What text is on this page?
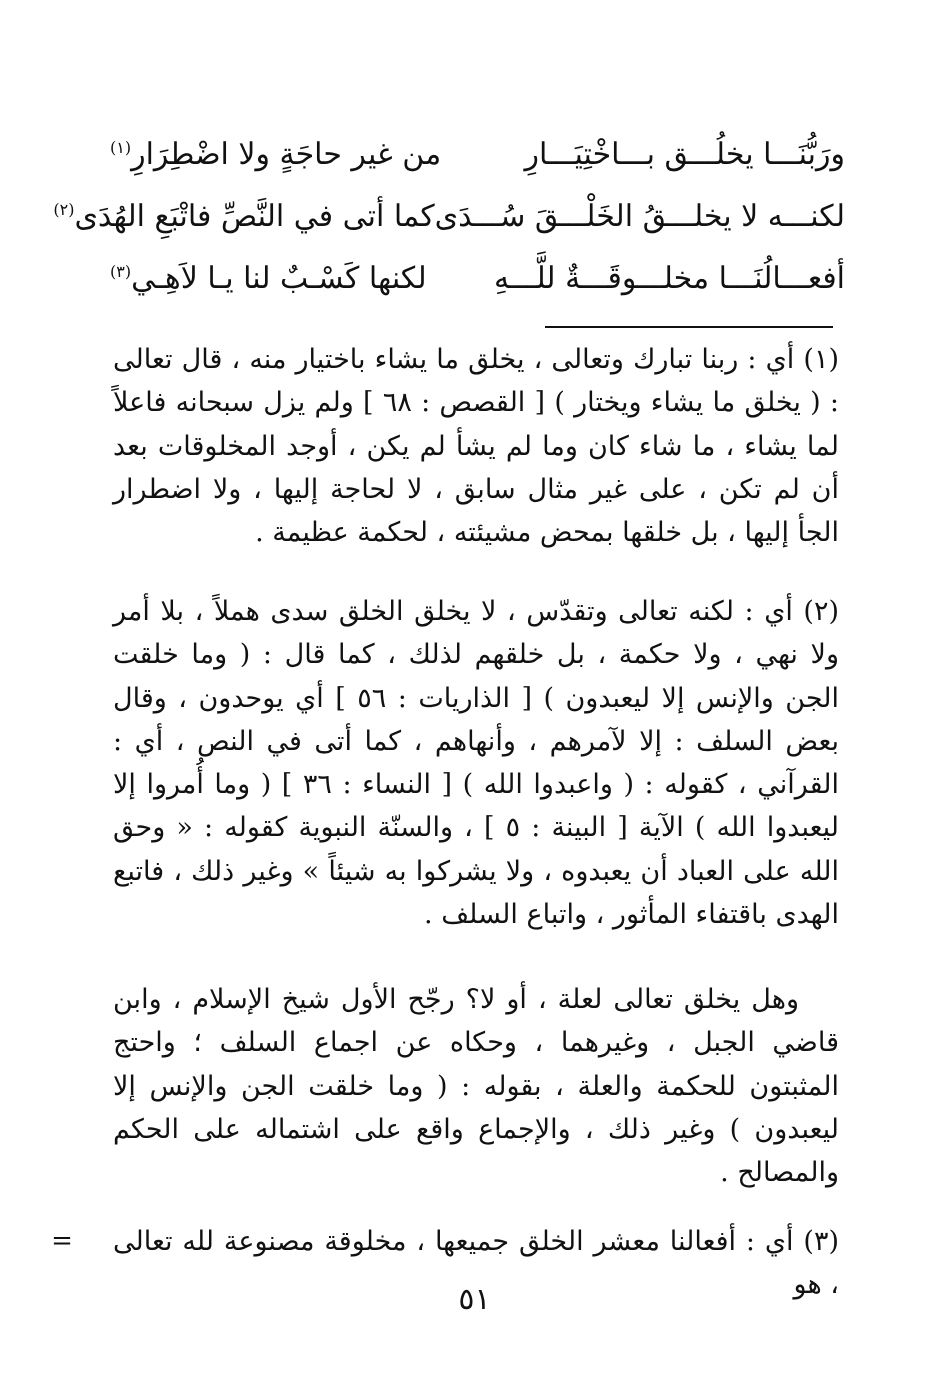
ورَبُّنَـــا يخلُـــق بـــاخْتِيَـــارِ
من غير حاجَةٍ ولا اضْطِرَارِ$^{(١)}$
لكنـــه لا يخلـــقُ الخَلْـــقَ سُـــدَى
كما أتى في النَّصِّ فاتْبَعِ الهُدَى$^{(٢)}$
أفعـــالُنَـــا مخلـــوقَـــةٌ للَّـــهِ
لكنها كَسْـبٌ لنا يـا لاَهِـي$^{(٣)}$

(١) أي : ربنا تبارك وتعالى ، يخلق ما يشاء باختيار منه ، قال تعالى : ( يخلق ما يشاء ويختار ) [ القصص : ٦٨ ] ولم يزل سبحانه فاعلاً لما يشاء ، ما شاء كان وما لم يشأ لم يكن ، أوجد المخلوقات بعد أن لم تكن ، على غير مثال سابق ، لا لحاجة إليها ، ولا اضطرار الجأ إليها ، بل خلقها بمحض مشيئته ، لحكمة عظيمة .

(٢) أي : لكنه تعالى وتقدّس ، لا يخلق الخلق سدى هملاً ، بلا أمر ولا نهي ، ولا حكمة ، بل خلقهم لذلك ، كما قال : ( وما خلقت الجن والإنس إلا ليعبدون ) [ الذاريات : ٥٦ ] أي يوحدون ، وقال بعض السلف : إلا لآمرهم ، وأنهاهم ، كما أتى في النص ، أي : القرآني ، كقوله : ( واعبدوا الله ) [ النساء : ٣٦ ] ( وما أُمروا إلا ليعبدوا الله ) الآية [ البينة : ٥ ] ، والسنّة النبوية كقوله : « وحق الله على العباد أن يعبدوه ، ولا يشركوا به شيئاً » وغير ذلك ، فاتبع الهدى باقتفاء المأثور ، واتباع السلف .

وهل يخلق تعالى لعلة ، أو لا؟ رجّح الأول شيخ الإسلام ، وابن قاضي الجبل ، وغيرهما ، وحكاه عن اجماع السلف ؛ واحتج المثبتون للحكمة والعلة ، بقوله : ( وما خلقت الجن والإنس إلا ليعبدون ) وغير ذلك ، والإجماع واقع على اشتماله على الحكم والمصالح .

(٣) أي : أفعالنا معشر الخلق جميعها ، مخلوقة مصنوعة لله تعالى ، هو

=
٥١
